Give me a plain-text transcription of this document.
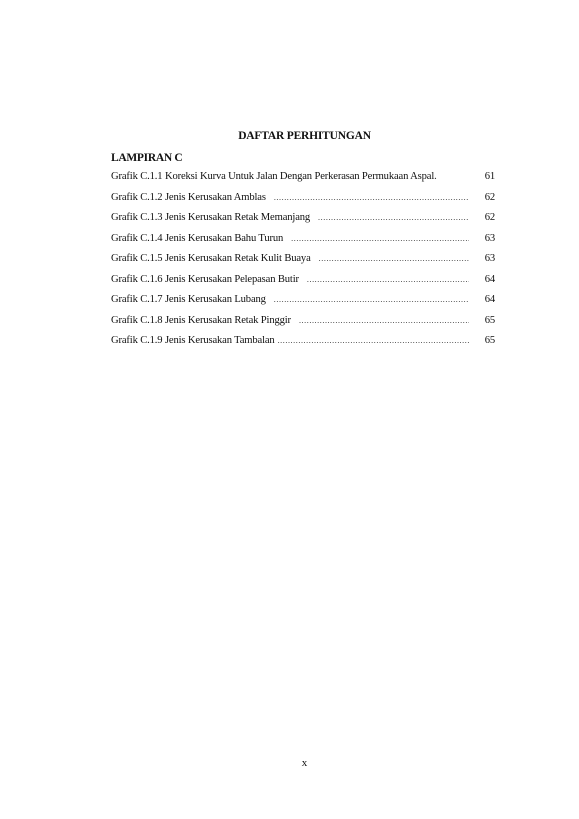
DAFTAR PERHITUNGAN
LAMPIRAN C
Grafik C.1.1 Koreksi Kurva Untuk Jalan Dengan Perkerasan Permukaan Aspal .	61
Grafik C.1.2 Jenis Kerusakan Amblas .....	62
Grafik C.1.3 Jenis Kerusakan Retak Memanjang .....	62
Grafik C.1.4 Jenis Kerusakan Bahu Turun .....	63
Grafik C.1.5 Jenis Kerusakan Retak Kulit Buaya .....	63
Grafik C.1.6 Jenis Kerusakan Pelepasan Butir .....	64
Grafik C.1.7 Jenis Kerusakan Lubang .....	64
Grafik C.1.8 Jenis Kerusakan Retak Pinggir .....	65
Grafik C.1.9 Jenis Kerusakan Tambalan .....	65
x
